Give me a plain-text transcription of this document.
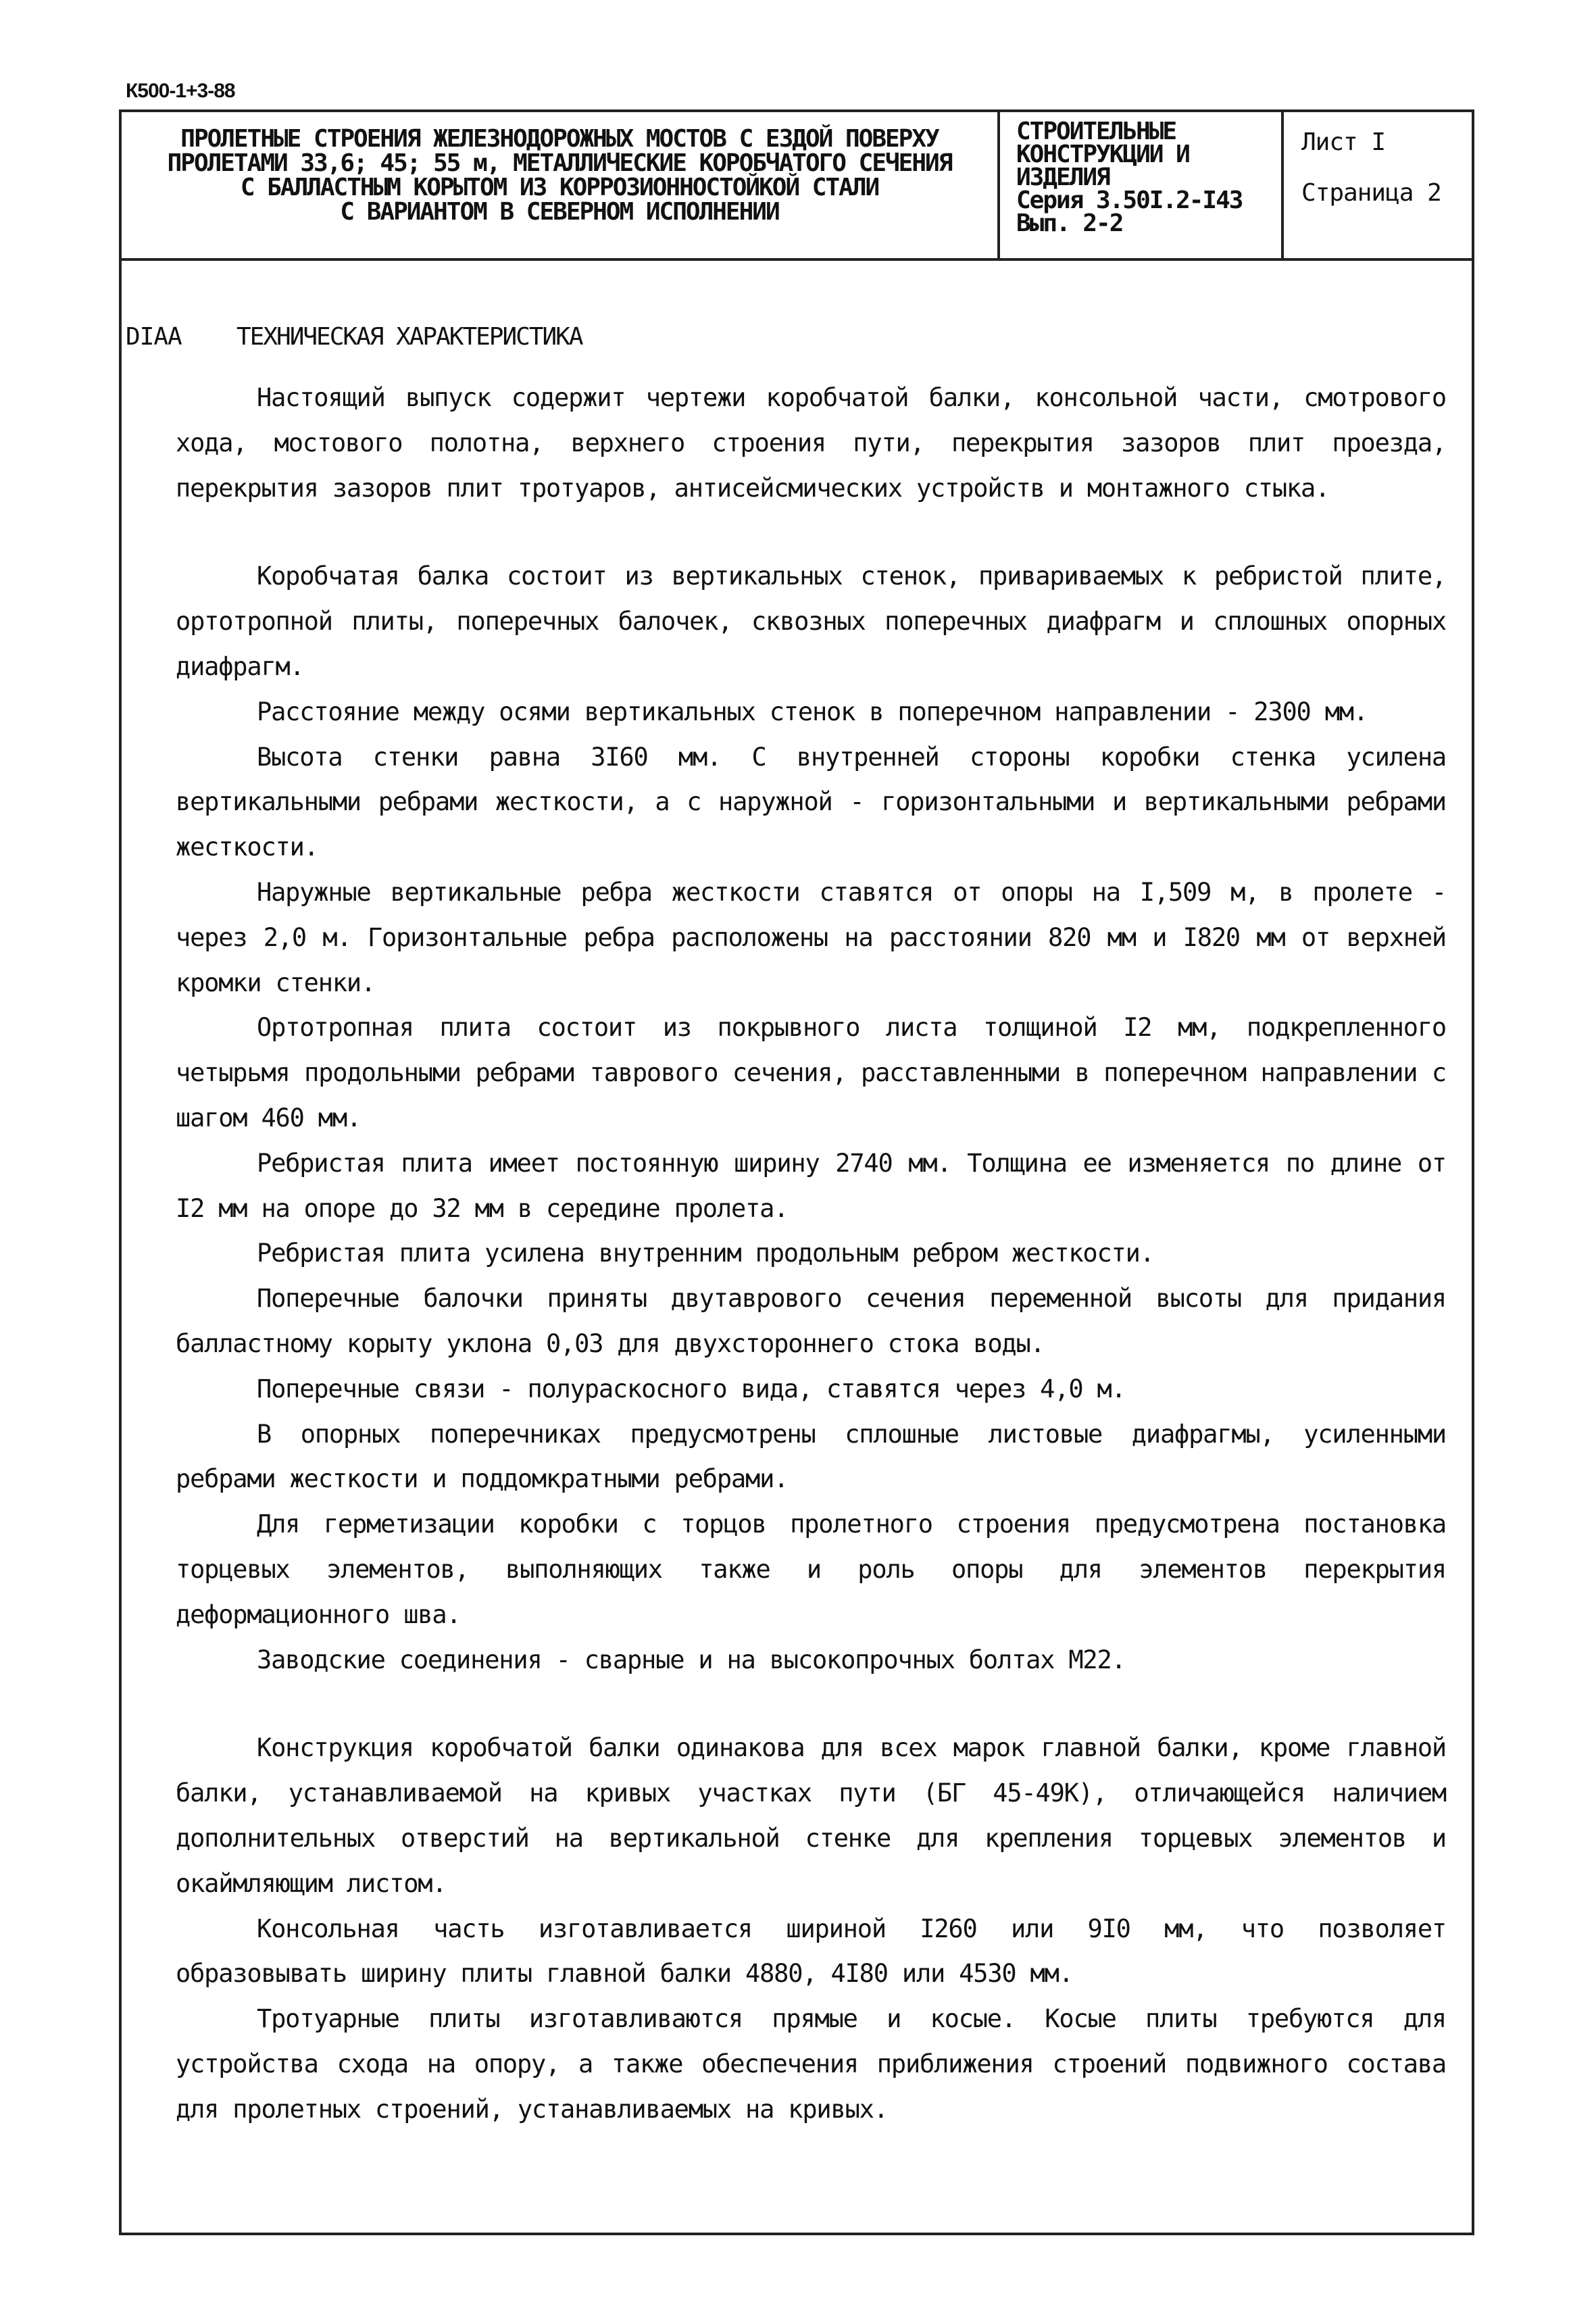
К500-1+3-88
ПРОЛЕТНЫЕ СТРОЕНИЯ ЖЕЛЕЗНОДОРОЖНЫХ МОСТОВ С ЕЗДОЙ ПОВЕРХУ
ПРОЛЕТАМИ 33,6; 45; 55 м, МЕТАЛЛИЧЕСКИЕ КОРОБЧАТОГО СЕЧЕНИЯ
С БАЛЛАСТНЫМ КОРЫТОМ ИЗ КОРРОЗИОННОСТОЙКОЙ СТАЛИ
С ВАРИАНТОМ В СЕВЕРНОМ ИСПОЛНЕНИИ
СТРОИТЕЛЬНЫЕ
КОНСТРУКЦИИ И
ИЗДЕЛИЯ
Серия 3.50I.2-I43
Вып. 2-2
Лист I
Страница 2
DIAA ТЕХНИЧЕСКАЯ ХАРАКТЕРИСТИКА

Настоящий выпуск содержит чертежи коробчатой балки, консольной части, смотрового хода, мостового полотна, верхнего строения пути, перекрытия зазоров плит проезда, перекрытия зазоров плит тротуаров, антисейсмических устройств и монтажного стыка.

Коробчатая балка состоит из вертикальных стенок, привариваемых к ребристой плите, ортотропной плиты, поперечных балочек, сквозных поперечных диафрагм и сплошных опорных диафрагм.

Расстояние между осями вертикальных стенок в поперечном направлении - 2300 мм.

Высота стенки равна 3I60 мм. С внутренней стороны коробки стенка усилена вертикальными ребрами жесткости, а с наружной - горизонтальными и вертикальными ребрами жесткости.

Наружные вертикальные ребра жесткости ставятся от опоры на I,509 м, в пролете - через 2,0 м. Горизонтальные ребра расположены на расстоянии 820 мм и I820 мм от верхней кромки стенки.

Ортотропная плита состоит из покрывного листа толщиной I2 мм, подкрепленного четырьмя продольными ребрами таврового сечения, расставленными в поперечном направлении с шагом 460 мм.

Ребристая плита имеет постоянную ширину 2740 мм. Толщина ее изменяется по длине от I2 мм на опоре до 32 мм в середине пролета.

Ребристая плита усилена внутренним продольным ребром жесткости.

Поперечные балочки приняты двутаврового сечения переменной высоты для придания балластному корыту уклона 0,03 для двухстороннего стока воды.

Поперечные связи - полураскосного вида, ставятся через 4,0 м.

В опорных поперечниках предусмотрены сплошные листовые диафрагмы, усиленными ребрами жесткости и поддомкратными ребрами.

Для герметизации коробки с торцов пролетного строения предусмотрена постановка торцевых элементов, выполняющих также и роль опоры для элементов перекрытия деформационного шва.

Заводские соединения - сварные и на высокопрочных болтах М22.

Конструкция коробчатой балки одинакова для всех марок главной балки, кроме главной балки, устанавливаемой на кривых участках пути (БГ 45-49К), отличающейся наличием дополнительных отверстий на вертикальной стенке для крепления торцевых элементов и окаймляющим листом.

Консольная часть изготавливается шириной I260 или 9I0 мм, что позволяет образовывать ширину плиты главной балки 4880, 4I80 или 4530 мм.

Тротуарные плиты изготавливаются прямые и косые. Косые плиты требуются для устройства схода на опору, а также обеспечения приближения строений подвижного состава для пролетных строений, устанавливаемых на кривых.
